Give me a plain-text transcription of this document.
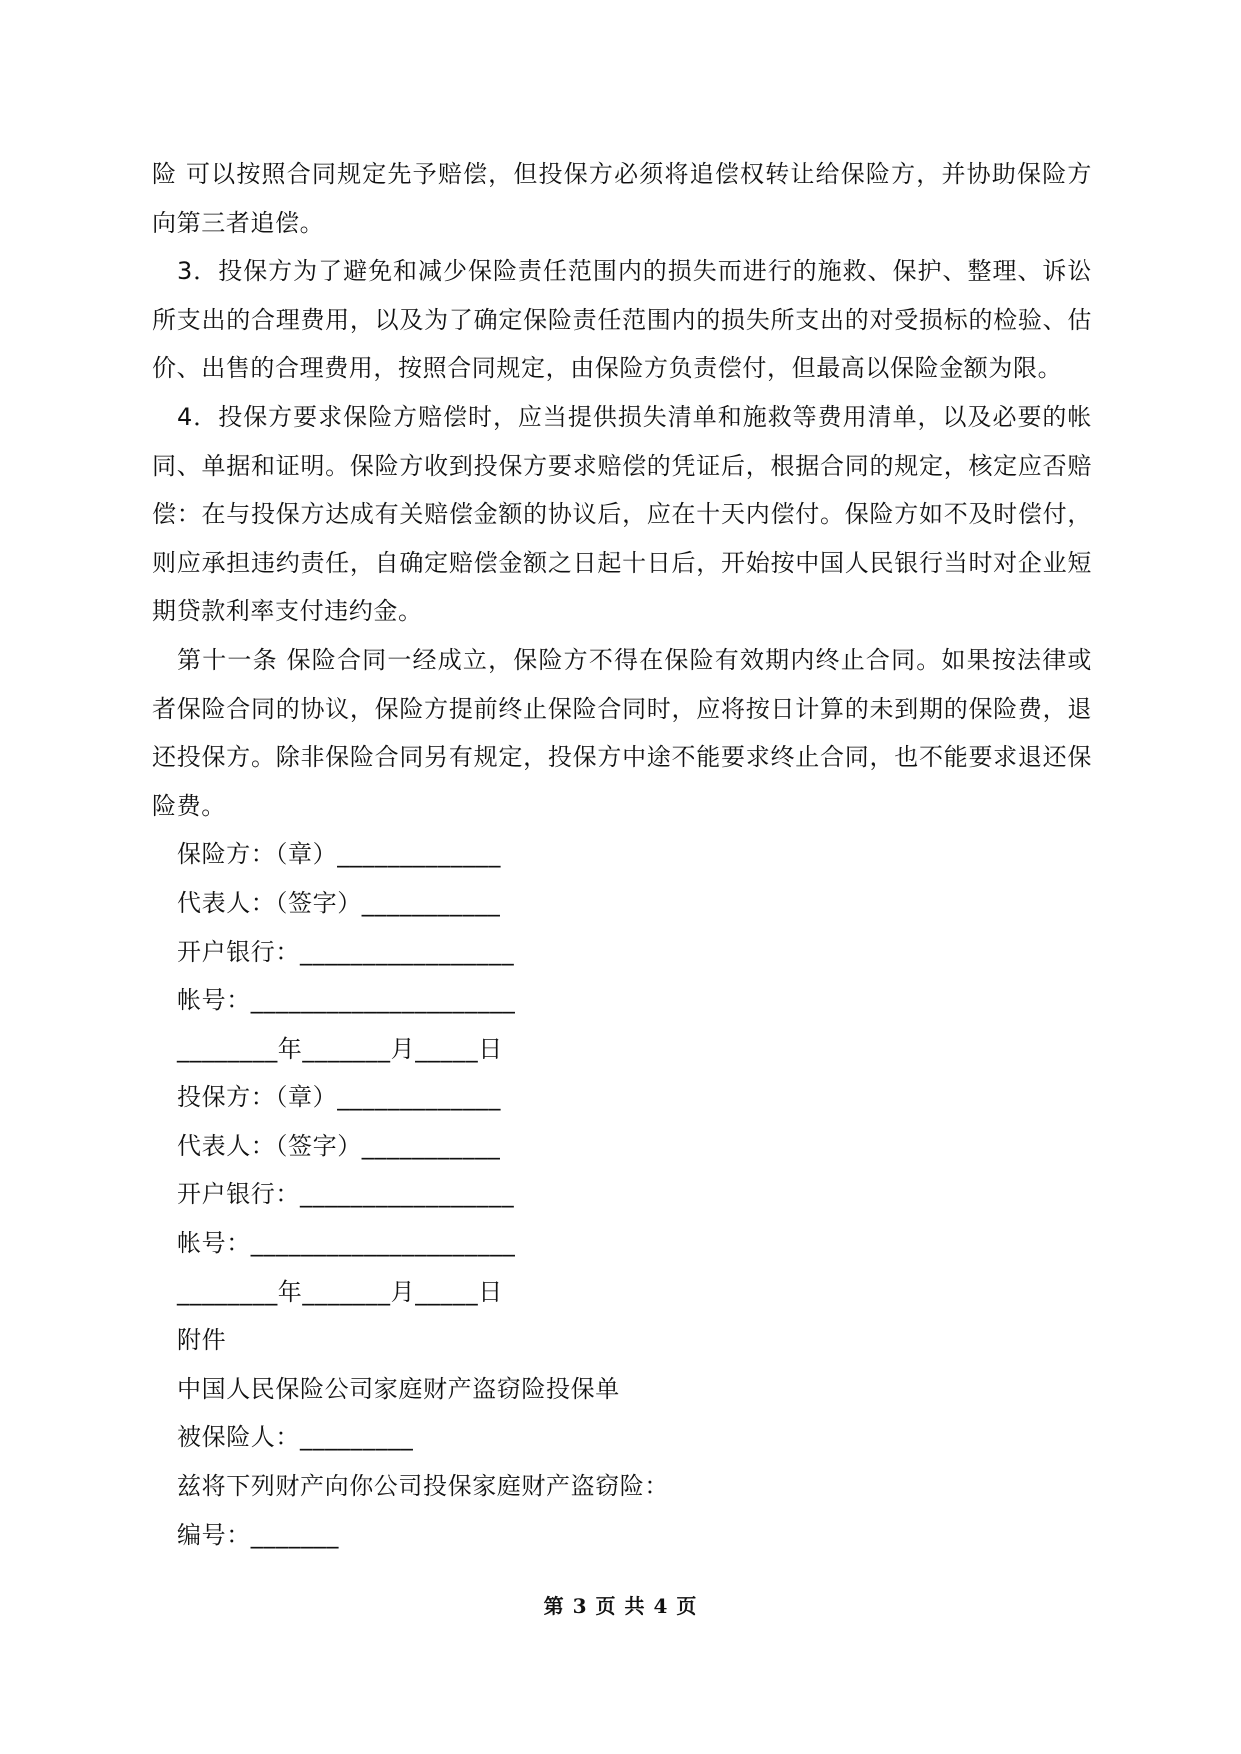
险 可以按照合同规定先予赔偿，但投保方必须将追偿权转让给保险方，并协助保险方向第三者追偿。

3．投保方为了避免和减少保险责任范围内的损失而进行的施救、保护、整理、诉讼所支出的合理费用，以及为了确定保险责任范围内的损失所支出的对受损标的检验、估价、出售的合理费用，按照合同规定，由保险方负责偿付，但最高以保险金额为限。

4．投保方要求保险方赔偿时，应当提供损失清单和施救等费用清单，以及必要的帐同、单据和证明。保险方收到投保方要求赔偿的凭证后，根据合同的规定，核定应否赔偿：在与投保方达成有关赔偿金额的协议后，应在十天内偿付。保险方如不及时偿付，则应承担违约责任，自确定赔偿金额之日起十日后，开始按中国人民银行当时对企业短期贷款利率支付违约金。

第十一条 保险合同一经成立，保险方不得在保险有效期内终止合同。如果按法律或者保险合同的协议，保险方提前终止保险合同时，应将按日计算的未到期的保险费，退还投保方。除非保险合同另有规定，投保方中途不能要求终止合同，也不能要求退还保险费。

保险方：（章）_____________

代表人：（签字）___________

开户银行：_________________

帐号：_____________________

________年_______月_____日

投保方：（章）_____________

代表人：（签字）___________

开户银行：_________________

帐号：_____________________

________年_______月_____日

附件

中国人民保险公司家庭财产盗窃险投保单

被保险人：_________

兹将下列财产向你公司投保家庭财产盗窃险：

编号：_______

第 3 页 共 4 页
